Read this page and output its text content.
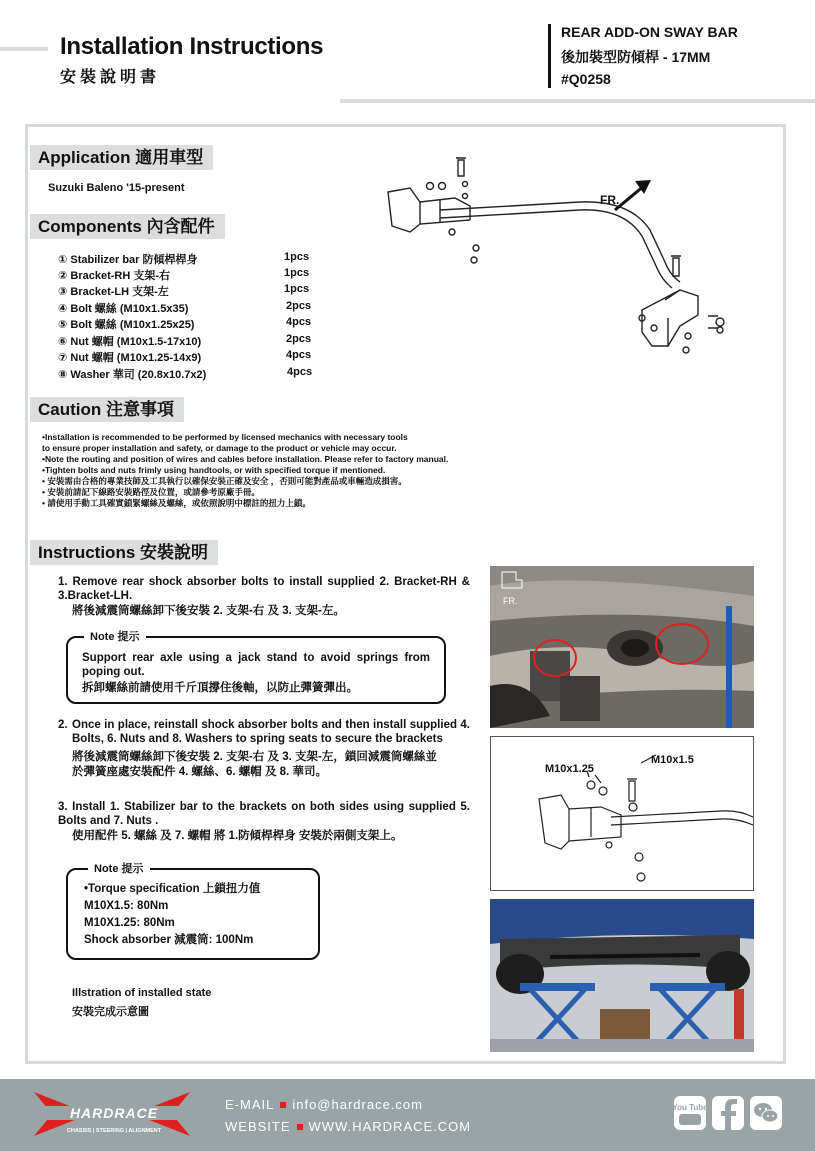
Installation Instructions
安裝說明書
REAR ADD-ON SWAY BAR
後加裝型防傾桿 - 17MM
#Q0258
Application 適用車型
Suzuki Baleno '15-present
Components 內含配件
① Stabilizer bar 防傾桿桿身
② Bracket-RH 支架-右
③ Bracket-LH 支架-左
④ Bolt 螺絲 (M10x1.5x35)
⑤ Bolt 螺絲 (M10x1.25x25)
⑥ Nut 螺帽 (M10x1.5-17x10)
⑦ Nut 螺帽 (M10x1.25-14x9)
⑧ Washer 華司 (20.8x10.7x2)
1pcs
1pcs
1pcs
2pcs
4pcs
2pcs
4pcs
4pcs
FR.
Caution 注意事項
•Installation is recommended to be performed by licensed mechanics with necessary tools
to ensure proper installation and safety, or damage to the product or vehicle may occur.
•Note the routing and position of wires and cables before installation. Please refer to factory manual.
•Tighten bolts and nuts frimly using handtools, or with specified torque if mentioned.
• 安裝需由合格的專業技師及工具執行以確保安裝正確及安全 ，否則可能對產品或車輛造成損害。
• 安裝前請記下線路安裝路徑及位置，或請參考原廠手冊。
• 請使用手動工具確實鎖緊螺絲及螺絲，或依照說明中標註的扭力上鎖。
Instructions 安裝說明
1. Remove rear shock absorber bolts to install supplied 2. Bracket-RH & 3.Bracket-LH.
將後減震筒螺絲卸下後安裝 2. 支架-右 及 3. 支架-左。
Note 提示
Support rear axle using a jack stand to avoid springs from poping out.
拆卸螺絲前請使用千斤頂撐住後軸，以防止彈簧彈出。
2. Once in place, reinstall shock absorber bolts and then install supplied 4. Bolts, 6. Nuts and 8. Washers to spring seats to secure the brackets
將後減震筒螺絲卸下後安裝 2. 支架-右 及 3. 支架-左，鎖回減震筒螺絲並
於彈簧座處安裝配件 4. 螺絲、6. 螺帽 及 8. 華司。
3. Install 1. Stabilizer bar to the brackets on both sides using supplied 5. Bolts and 7. Nuts .
使用配件 5. 螺絲 及 7. 螺帽 將 1.防傾桿桿身 安裝於兩側支架上。
Note 提示
•Torque specification 上鎖扭力值
M10X1.5: 80Nm
M10X1.25: 80Nm
Shock absorber 減震筒: 100Nm
Illstration of installed state
安裝完成示意圖
FR.
M10x1.25
M10x1.5
HARDRACE
CHASSIS | STEERING | ALIGNMENT
E-MAIL info@hardrace.com
WEBSITE WWW.HARDRACE.COM
You Tube
